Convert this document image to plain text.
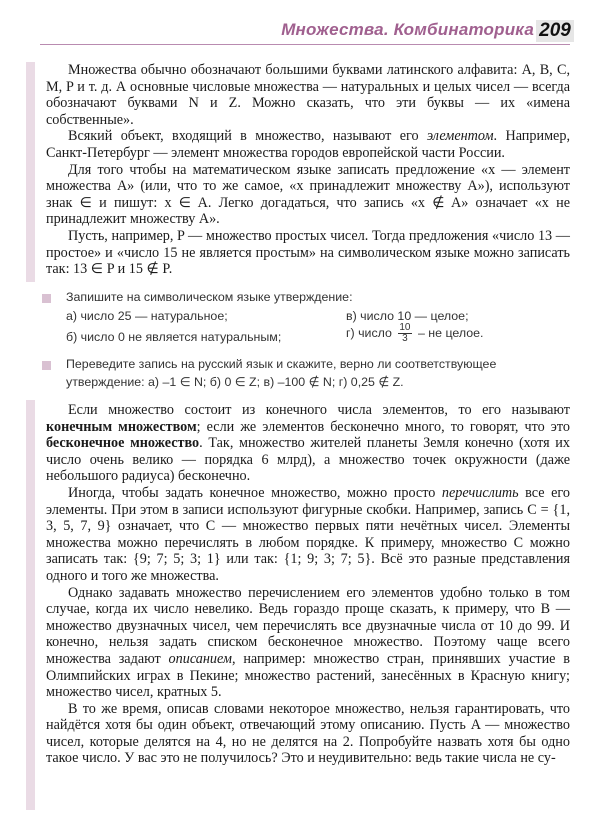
Множества. Комбинаторика 209

Множества обычно обозначают большими буквами латинского алфавита: A, B, C, M, P и т. д. А основные числовые множества — натуральных и целых чисел — всегда обозначают буквами N и Z. Можно сказать, что эти буквы — их «имена собственные».

Всякий объект, входящий в множество, называют его элементом. Например, Санкт-Петербург — элемент множества городов европейской части России.

Для того чтобы на математическом языке записать предложение «x — элемент множества A» (или, что то же самое, «x принадлежит множеству A»), используют знак ∈ и пишут: x ∈ A. Легко догадаться, что запись «x ∉ A» означает «x не принадлежит множеству A».

Пусть, например, P — множество простых чисел. Тогда предложения «число 13 — простое» и «число 15 не является простым» на символическом языке можно записать так: 13 ∈ P и 15 ∉ P.

Запишите на символическом языке утверждение:
а) число 25 — натуральное;	в) число 10 — целое;
б) число 0 не является натуральным;	г) число $\frac{10}{3}$ – не целое.
Переведите запись на русский язык и скажите, верно ли соответствующее
утверждение: а) –1 ∈ N; б) 0 ∈ Z; в) –100 ∉ N; г) 0,25 ∉ Z.

Если множество состоит из конечного числа элементов, то его называют конечным множеством; если же элементов бесконечно много, то говорят, что это бесконечное множество. Так, множество жителей планеты Земля конечно (хотя их число очень велико — порядка 6 млрд), а множество точек окружности (даже небольшого радиуса) бесконечно.

Иногда, чтобы задать конечное множество, можно просто перечислить все его элементы. При этом в записи используют фигурные скобки. Например, запись C = {1, 3, 5, 7, 9} означает, что C — множество первых пяти нечётных чисел. Элементы множества можно перечислять в любом порядке. К примеру, множество C можно записать так: {9; 7; 5; 3; 1} или так: {1; 9; 3; 7; 5}. Всё это разные представления одного и того же множества.

Однако задавать множество перечислением его элементов удобно только в том случае, когда их число невелико. Ведь гораздо проще сказать, к примеру, что B — множество двузначных чисел, чем перечислять все двузначные числа от 10 до 99. И конечно, нельзя задать списком бесконечное множество. Поэтому чаще всего множества задают описанием, например: множество стран, принявших участие в Олимпийских играх в Пекине; множество растений, занесённых в Красную книгу; множество чисел, кратных 5.

В то же время, описав словами некоторое множество, нельзя гарантировать, что найдётся хотя бы один объект, отвечающий этому описанию. Пусть A — множество чисел, которые делятся на 4, но не делятся на 2. Попробуйте назвать хотя бы одно такое число. У вас это не получилось? Это и неудивительно: ведь такие числа не су-
